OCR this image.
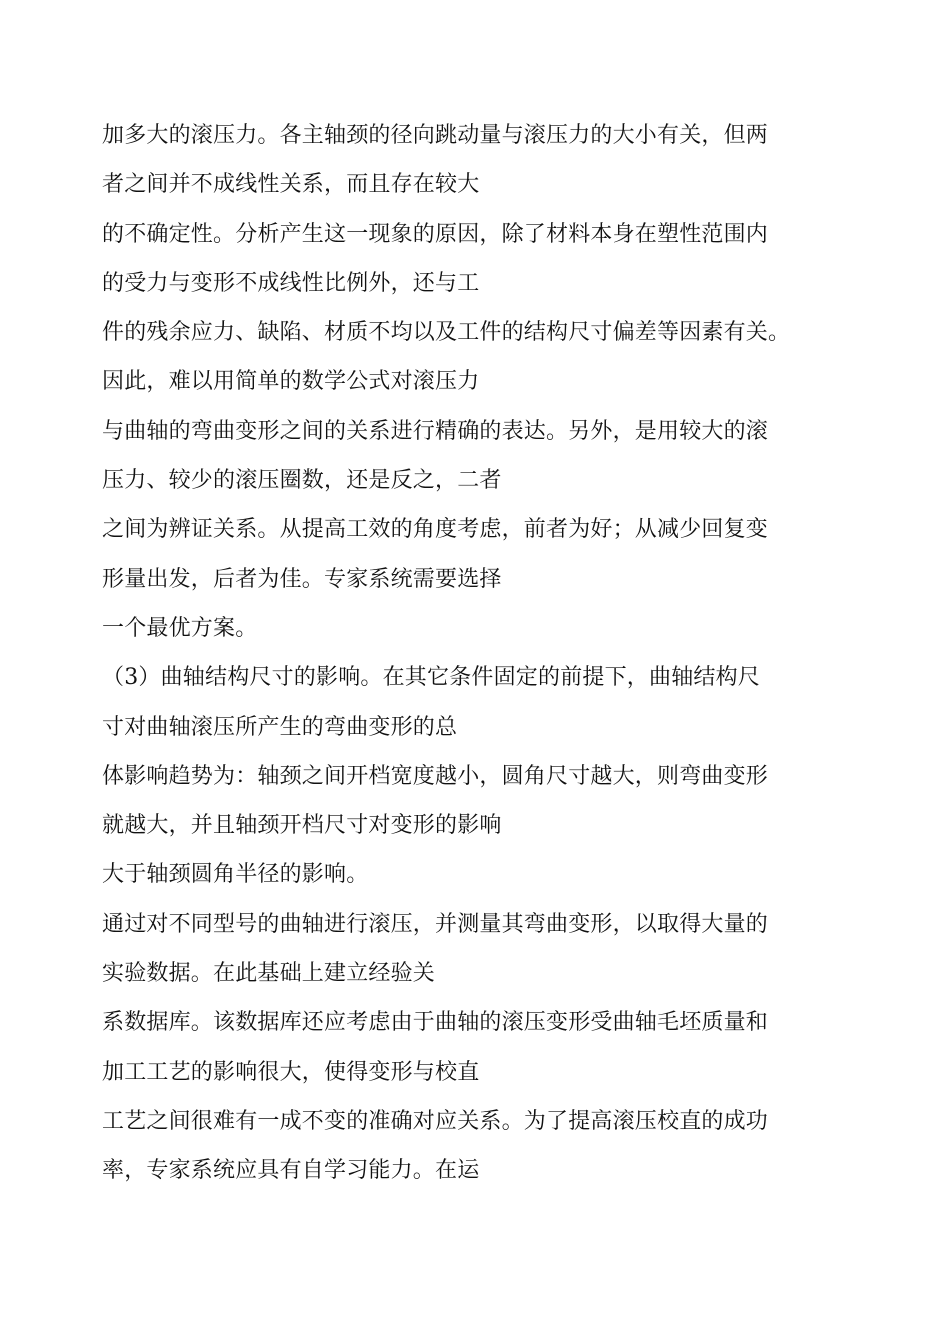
加多大的滚压力。各主轴颈的径向跳动量与滚压力的大小有关，但两
者之间并不成线性关系，而且存在较大
的不确定性。分析产生这一现象的原因，除了材料本身在塑性范围内
的受力与变形不成线性比例外，还与工
件的残余应力、缺陷、材质不均以及工件的结构尺寸偏差等因素有关。
因此，难以用简单的数学公式对滚压力
与曲轴的弯曲变形之间的关系进行精确的表达。另外，是用较大的滚
压力、较少的滚压圈数，还是反之，二者
之间为辨证关系。从提高工效的角度考虑，前者为好；从减少回复变
形量出发，后者为佳。专家系统需要选择
一个最优方案。
（3）曲轴结构尺寸的影响。在其它条件固定的前提下，曲轴结构尺
寸对曲轴滚压所产生的弯曲变形的总
体影响趋势为：轴颈之间开档宽度越小，圆角尺寸越大，则弯曲变形
就越大，并且轴颈开档尺寸对变形的影响
大于轴颈圆角半径的影响。
通过对不同型号的曲轴进行滚压，并测量其弯曲变形，以取得大量的
实验数据。在此基础上建立经验关
系数据库。该数据库还应考虑由于曲轴的滚压变形受曲轴毛坯质量和
加工工艺的影响很大，使得变形与校直
工艺之间很难有一成不变的准确对应关系。为了提高滚压校直的成功
率，专家系统应具有自学习能力。在运
